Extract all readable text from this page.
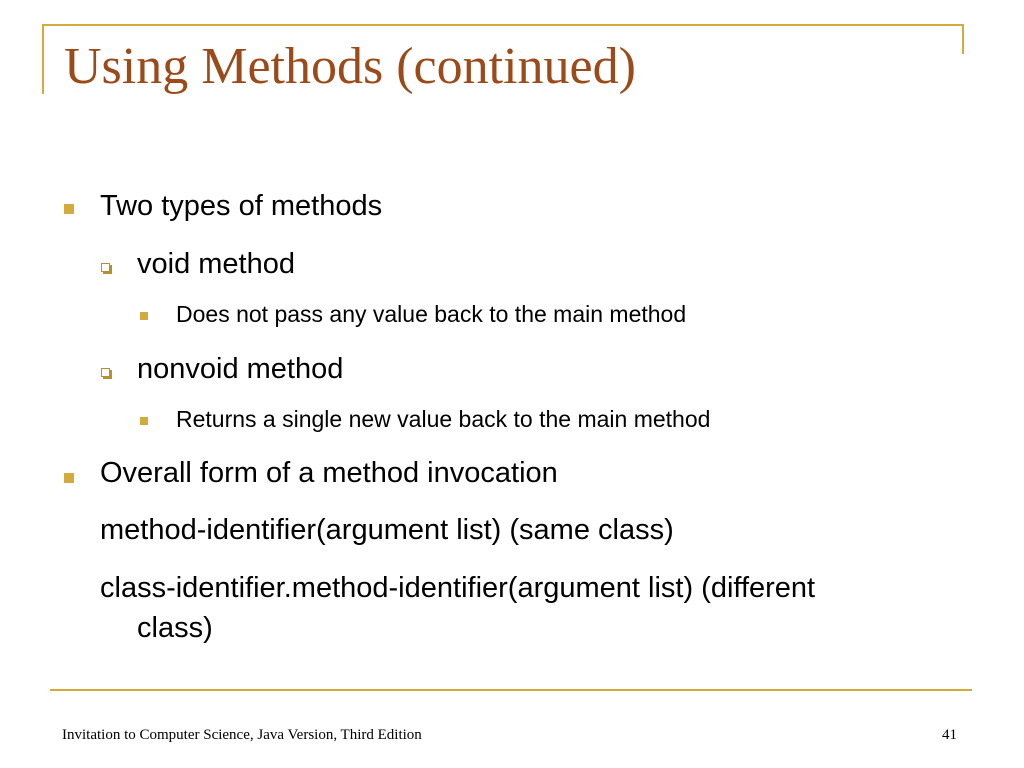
Using Methods (continued)
Two types of methods
void method
Does not pass any value back to the main method
nonvoid method
Returns a single new value back to the main method
Overall form of a method invocation
method-identifier(argument list) (same class)
class-identifier.method-identifier(argument list) (different
class)
Invitation to Computer Science, Java Version, Third Edition	41
